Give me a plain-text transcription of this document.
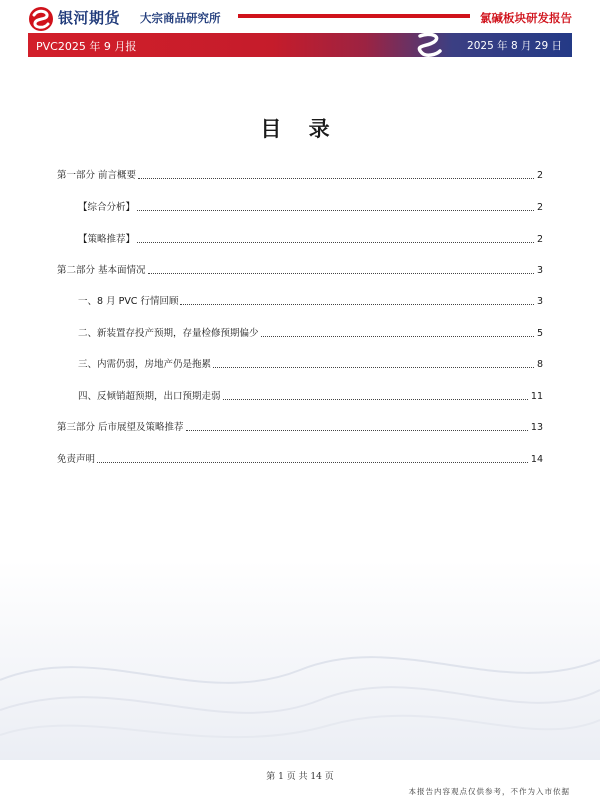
银河期货 大宗商品研究所	氯碱板块研发报告
PVC2025 年 9 月报	2025 年 8 月 29 日
目 录
第一部分 前言概要	2
【综合分析】	2
【策略推荐】	2
第二部分 基本面情况	3
一、8 月 PVC 行情回顾	3
二、新装置存投产预期，存量检修预期偏少	5
三、内需仍弱，房地产仍是拖累	8
四、反倾销超预期，出口预期走弱	11
第三部分 后市展望及策略推荐	13
免责声明	14
第 1 页 共 14 页
本报告内容观点仅供参考，不作为入市依据
